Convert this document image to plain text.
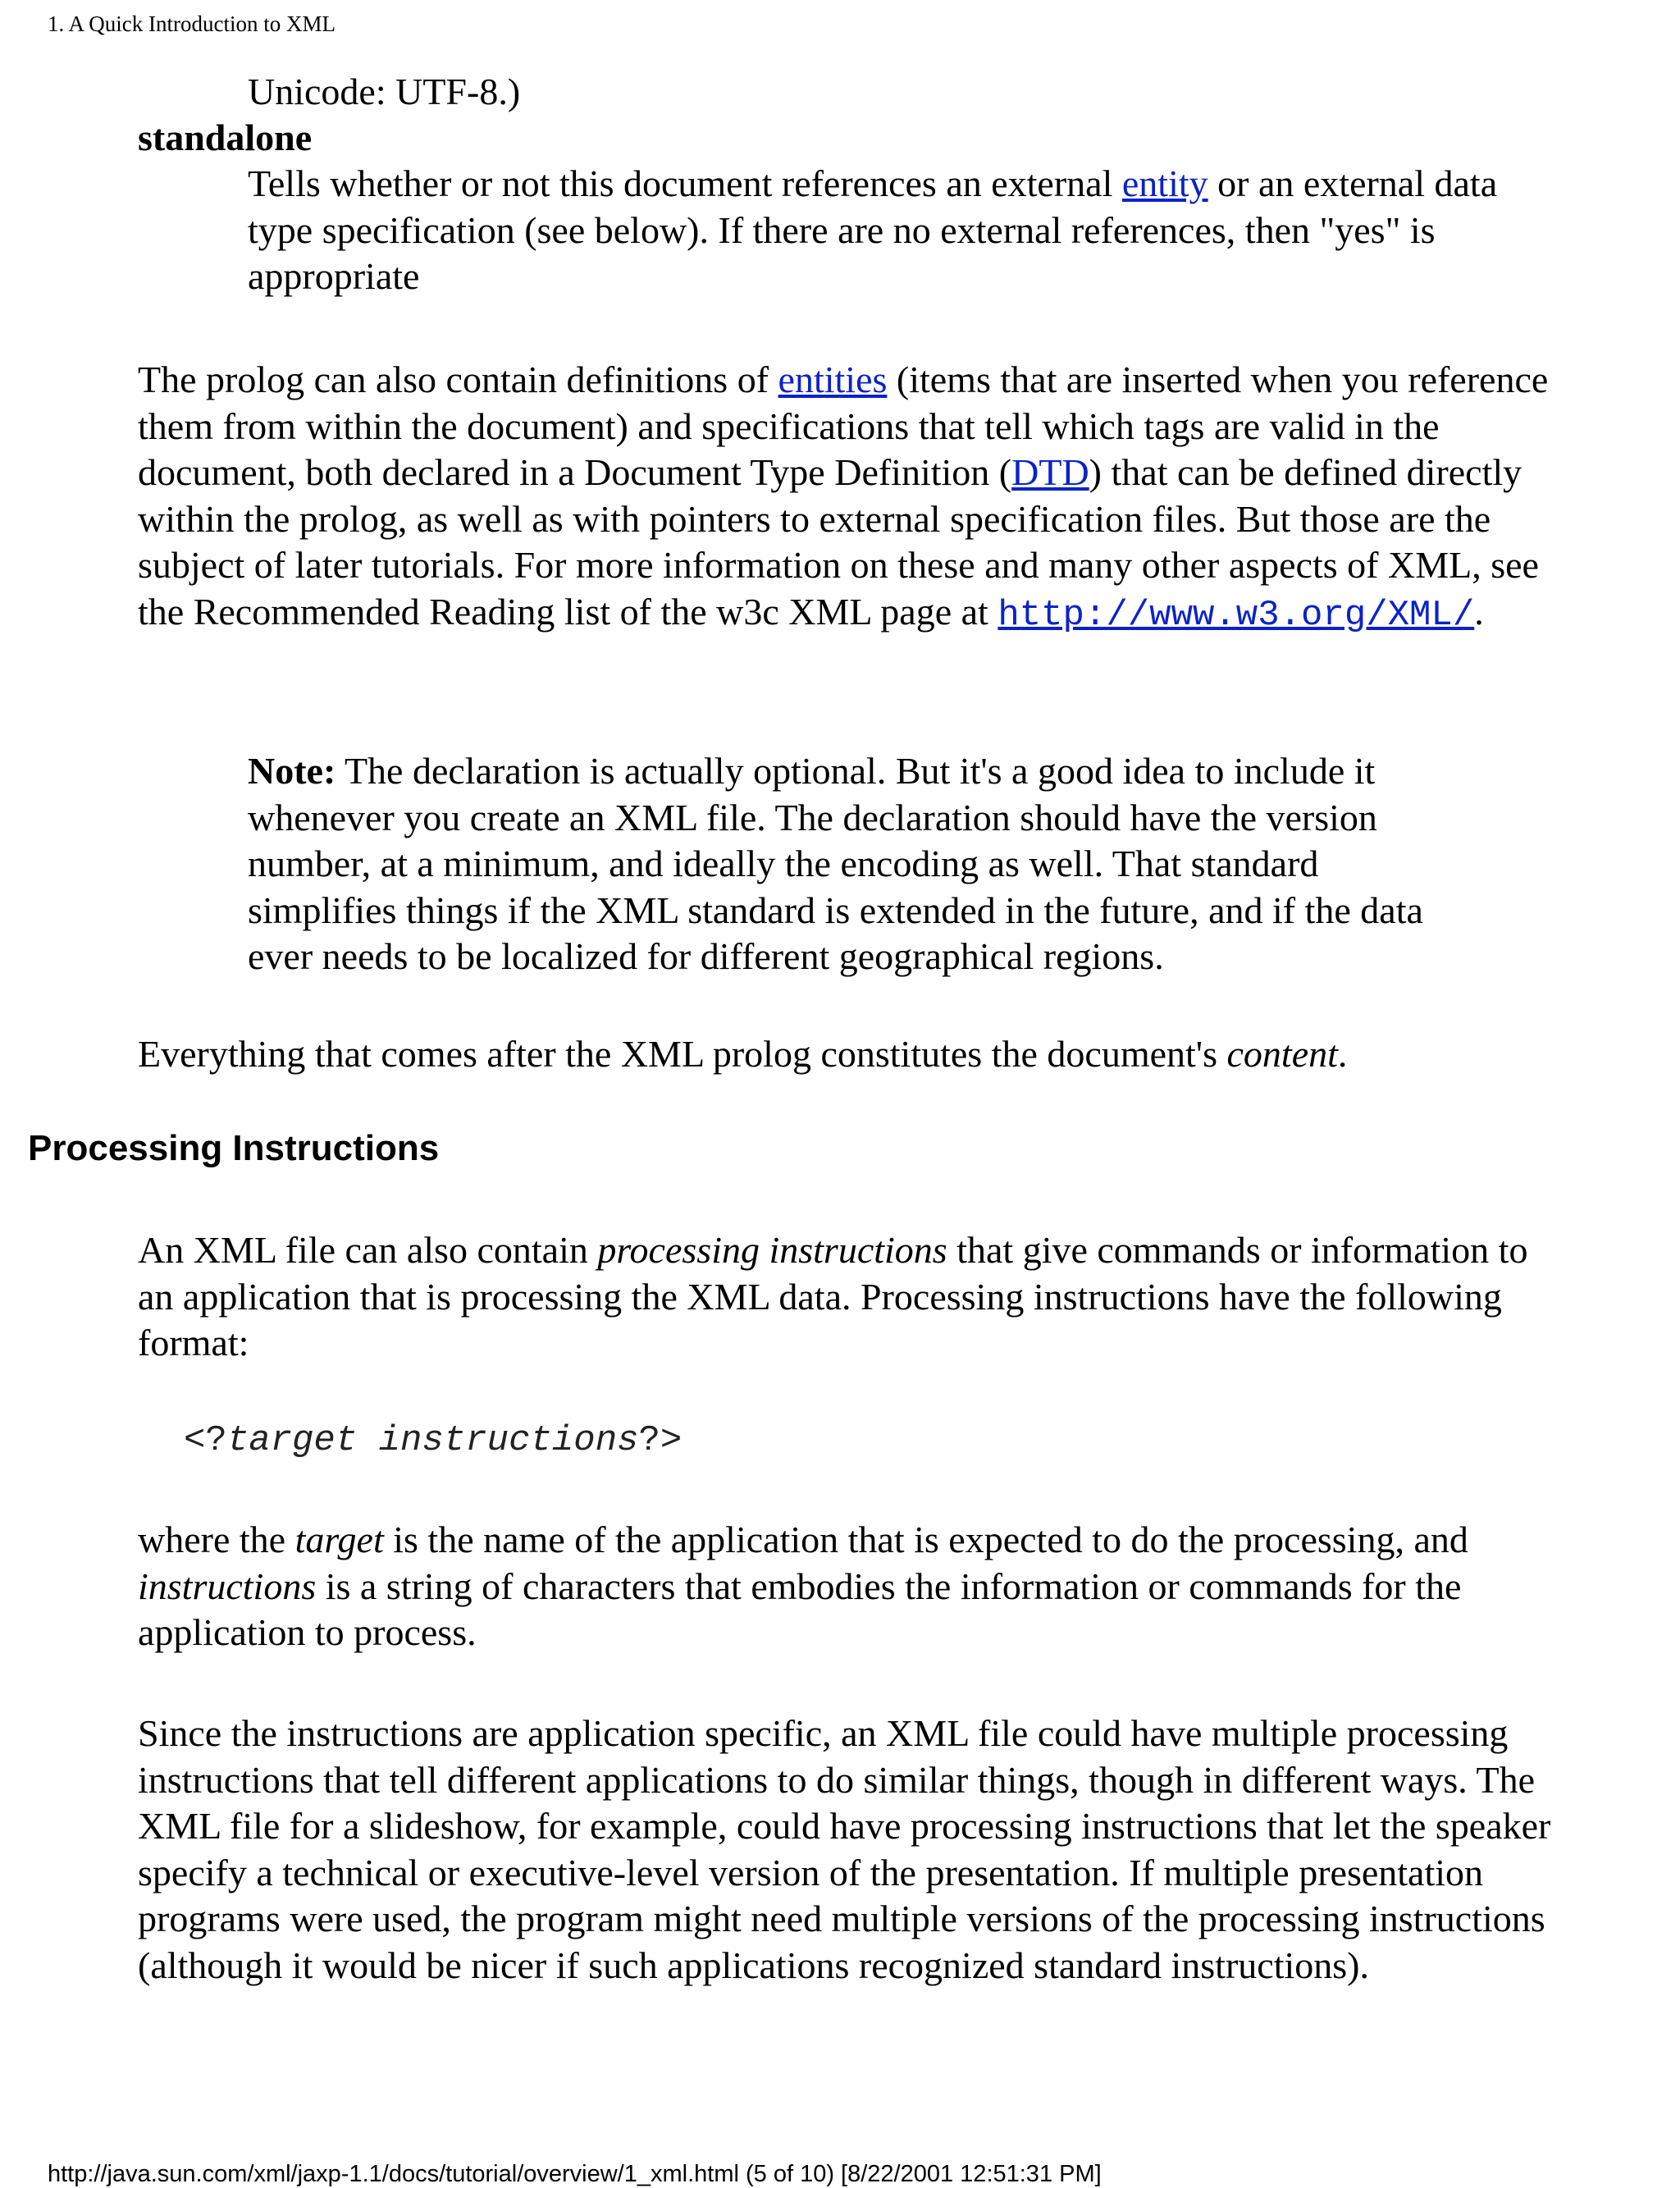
1. A Quick Introduction to XML

Unicode: UTF-8.)

standalone

Tells whether or not this document references an external entity or an external data type specification (see below). If there are no external references, then "yes" is appropriate

The prolog can also contain definitions of entities (items that are inserted when you reference them from within the document) and specifications that tell which tags are valid in the document, both declared in a Document Type Definition (DTD) that can be defined directly within the prolog, as well as with pointers to external specification files. But those are the subject of later tutorials. For more information on these and many other aspects of XML, see the Recommended Reading list of the w3c XML page at http://www.w3.org/XML/.

Note: The declaration is actually optional. But it's a good idea to include it whenever you create an XML file. The declaration should have the version number, at a minimum, and ideally the encoding as well. That standard simplifies things if the XML standard is extended in the future, and if the data ever needs to be localized for different geographical regions.

Everything that comes after the XML prolog constitutes the document's content.

Processing Instructions

An XML file can also contain processing instructions that give commands or information to an application that is processing the XML data. Processing instructions have the following format:

<?target instructions?>

where the target is the name of the application that is expected to do the processing, and instructions is a string of characters that embodies the information or commands for the application to process.

Since the instructions are application specific, an XML file could have multiple processing instructions that tell different applications to do similar things, though in different ways. The XML file for a slideshow, for example, could have processing instructions that let the speaker specify a technical or executive-level version of the presentation. If multiple presentation programs were used, the program might need multiple versions of the processing instructions (although it would be nicer if such applications recognized standard instructions).

http://java.sun.com/xml/jaxp-1.1/docs/tutorial/overview/1_xml.html (5 of 10) [8/22/2001 12:51:31 PM]
